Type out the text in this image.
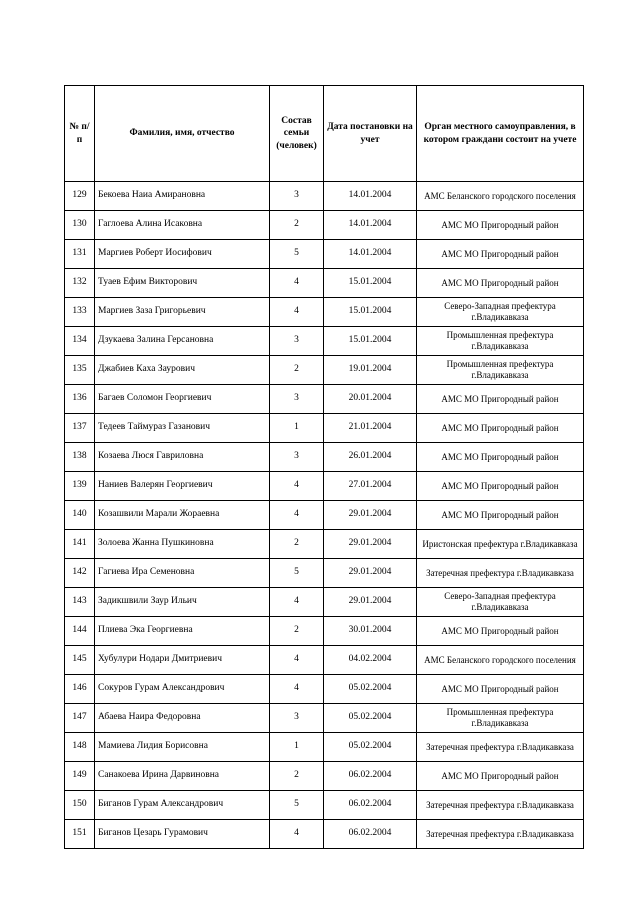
№ п/п	Фамилия, имя, отчество	Состав семьи (человек)	Дата постановки на учет	Орган местного самоуправления, в котором граждани состоит на учете
129	Бекоева Наиа Амирановна	3	14.01.2004	АМС Беланского городского поселения
130	Гаглоева Алина Исаковна	2	14.01.2004	АМС МО Пригородный район
131	Маргиев Роберт Иосифович	5	14.01.2004	АМС МО Пригородный район
132	Туаев Ефим Викторович	4	15.01.2004	АМС МО Пригородный район
133	Маргиев Заза Григорьевич	4	15.01.2004	Северо-Западная префектура г.Владикавказа
134	Дзукаева Залина Герсановна	3	15.01.2004	Промышленная префектура г.Владикавказа
135	Джабиев Каха Заурович	2	19.01.2004	Промышленная префектура г.Владикавказа
136	Багаев Соломон Георгиевич	3	20.01.2004	АМС МО Пригородный район
137	Тедеев Таймураз Газанович	1	21.01.2004	АМС МО Пригородный район
138	Козаева Люся Гавриловна	3	26.01.2004	АМС МО Пригородный район
139	Наниев Валерян Георгиевич	4	27.01.2004	АМС МО Пригородный район
140	Козашвили Марали Жораевна	4	29.01.2004	АМС МО Пригородный район
141	Золоева Жанна Пушкиновна	2	29.01.2004	Иристонская префектура г.Владикавказа
142	Гагиева Ира Семеновна	5	29.01.2004	Затеречная префектура г.Владикавказа
143	Задикшвили Заур Ильич	4	29.01.2004	Северо-Западная префектура г.Владикавказа
144	Плиева Эка Георгиевна	2	30.01.2004	АМС МО Пригородный район
145	Хубулури Нодари Дмитриевич	4	04.02.2004	АМС Беланского городского поселения
146	Сокуров Гурам Александрович	4	05.02.2004	АМС МО Пригородный район
147	Абаева Наира Федоровна	3	05.02.2004	Промышленная префектура г.Владикавказа
148	Мамиева Лидия Борисовна	1	05.02.2004	Затеречная префектура г.Владикавказа
149	Санакоева Ирина Дарвиновна	2	06.02.2004	АМС МО Пригородный район
150	Биганов Гурам Александрович	5	06.02.2004	Затеречная префектура г.Владикавказа
151	Биганов Цезарь Гурамович	4	06.02.2004	Затеречная префектура г.Владикавказа
